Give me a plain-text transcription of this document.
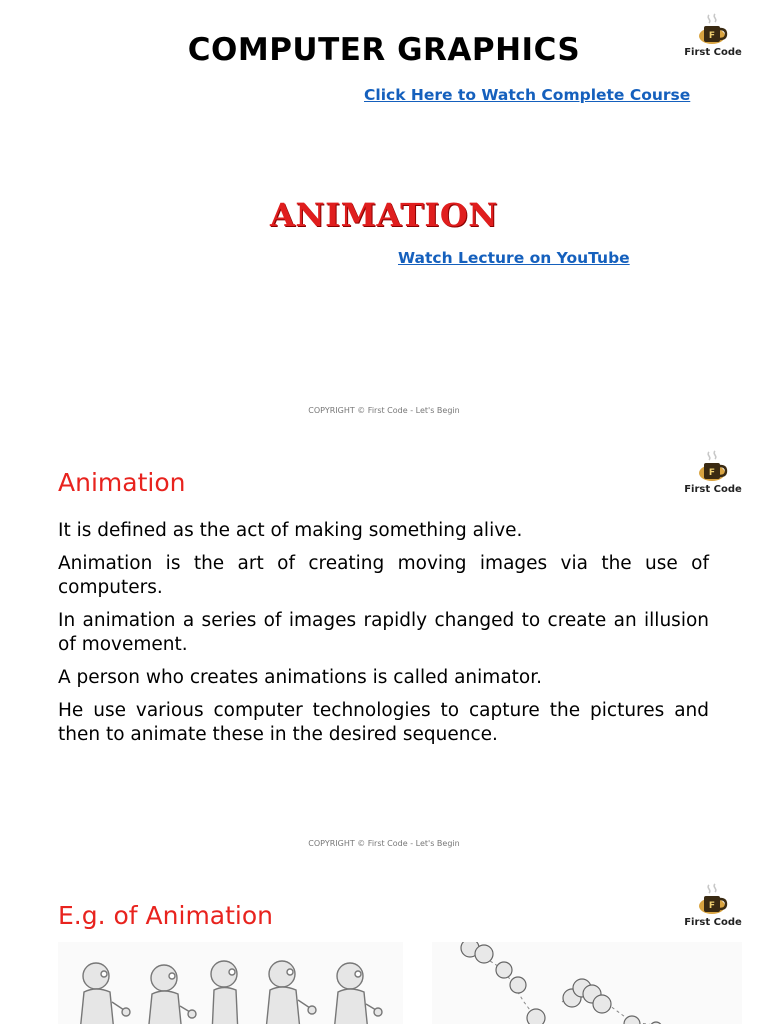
COMPUTER GRAPHICS	F
First Code
Click Here to Watch Complete Course
ANIMATION
Watch Lecture on YouTube
COPYRIGHT © First Code - Let's Begin
Animation	F
First Code
It is defined as the act of making something alive.
Animation is the art of creating moving images via the use of computers.
In animation a series of images rapidly changed to create an illusion of movement.
A person who creates animations is called animator.
He use various computer technologies to capture the pictures and then to animate these in the desired sequence.
COPYRIGHT © First Code - Let's Begin
E.g. of Animation	F
First Code
